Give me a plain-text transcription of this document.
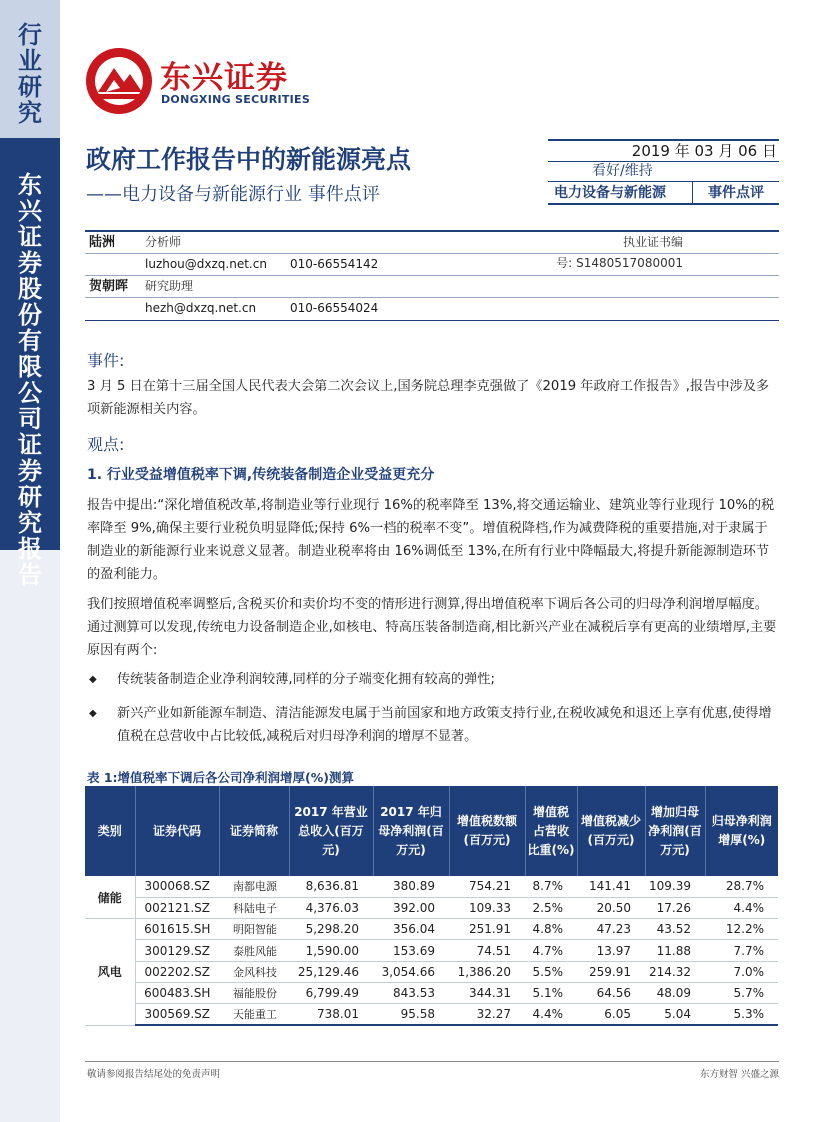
行业研究
东兴证券股份有限公司证券研究报告
东兴证券
DONGXING SECURITIES
政府工作报告中的新能源亮点
——电力设备与新能源行业 事件点评
2019 年 03 月 06 日
看好/维持
电力设备与新能源	事件点评
陆洲	分析师	执业证书编号: S1480517080001
luzhou@dxzq.net.cn	010-66554142
贺朝晖	研究助理
hezh@dxzq.net.cn	010-66554024
事件:
3 月 5 日在第十三届全国人民代表大会第二次会议上,国务院总理李克强做了《2019 年政府工作报告》,报告中涉及多项新能源相关内容。
观点:
1. 行业受益增值税率下调,传统装备制造企业受益更充分
报告中提出:“深化增值税改革,将制造业等行业现行 16%的税率降至 13%,将交通运输业、建筑业等行业现行 10%的税率降至 9%,确保主要行业税负明显降低;保持 6%一档的税率不变”。增值税降档,作为减费降税的重要措施,对于隶属于制造业的新能源行业来说意义显著。制造业税率将由 16%调低至 13%,在所有行业中降幅最大,将提升新能源制造环节的盈利能力。
我们按照增值税率调整后,含税买价和卖价均不变的情形进行测算,得出增值税率下调后各公司的归母净利润增厚幅度。通过测算可以发现,传统电力设备制造企业,如核电、特高压装备制造商,相比新兴产业在减税后享有更高的业绩增厚,主要原因有两个:
◆ 传统装备制造企业净利润较薄,同样的分子端变化拥有较高的弹性;
◆ 新兴产业如新能源车制造、清洁能源发电属于当前国家和地方政策支持行业,在税收减免和退还上享有优惠,使得增值税在总营收中占比较低,减税后对归母净利润的增厚不显著。
表 1:增值税率下调后各公司净利润增厚(%)测算
类别	证券代码	证券简称	2017 年营业总收入(百万元)	2017 年归母净利润(百万元)	增值税数额(百万元)	增值税占营收比重(%)	增值税减少(百万元)	增加归母净利润(百万元)	归母净利润增厚(%)
储能	300068.SZ	南都电源	8,636.81	380.89	754.21	8.7%	141.41	109.39	28.7%
	002121.SZ	科陆电子	4,376.03	392.00	109.33	2.5%	20.50	17.26	4.4%
风电	601615.SH	明阳智能	5,298.20	356.04	251.91	4.8%	47.23	43.52	12.2%
	300129.SZ	泰胜风能	1,590.00	153.69	74.51	4.7%	13.97	11.88	7.7%
	002202.SZ	金风科技	25,129.46	3,054.66	1,386.20	5.5%	259.91	214.32	7.0%
	600483.SH	福能股份	6,799.49	843.53	344.31	5.1%	64.56	48.09	5.7%
	300569.SZ	天能重工	738.01	95.58	32.27	4.4%	6.05	5.04	5.3%
敬请参阅报告结尾处的免责声明	东方财智 兴盛之源
